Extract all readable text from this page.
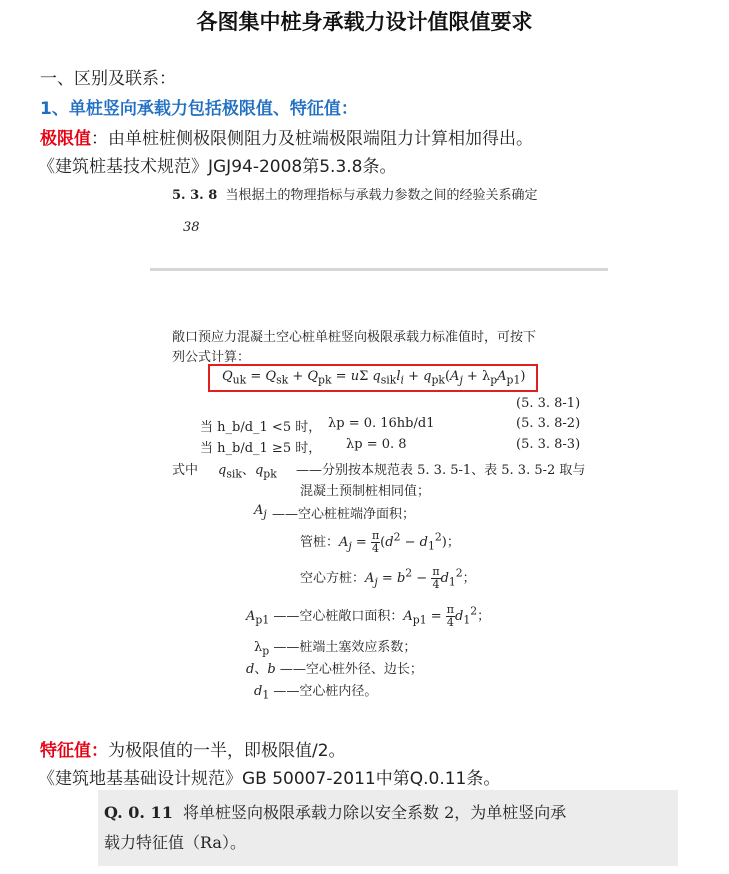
各图集中桩身承载力设计值限值要求
一、区别及联系：
1、单桩竖向承载力包括极限值、特征值：
极限值：由单桩桩侧极限侧阻力及桩端极限端阻力计算相加得出。
《建筑桩基技术规范》JGJ94-2008第5.3.8条。
5. 3. 8 当根据土的物理指标与承载力参数之间的经验关系确定
38
敞口预应力混凝土空心桩单桩竖向极限承载力标准值时，可按下
列公式计算：
$Q_{uk} = Q_{sk} + Q_{pk} = u\Sigma$ $q_{sik}l_i + q_{pk}(A_j + \lambda_pA_{p1})$
(5. 3. 8-1)
当 h_b/d_1 <5 时， λp = 0. 16hb/d1	(5. 3. 8-2)
当 h_b/d_1 ≥5 时， λp = 0. 8	(5. 3. 8-3)
式中 $q_{sik}$、$q_{pk}$ ——分别按本规范表 5. 3. 5-1、表 5. 3. 5-2 取与
混凝土预制桩相同值；
$A_j$ ——空心桩桩端净面积；
管桩：$A_j = \frac{\pi}{4} (d^2 - d_1^2)$；
空心方桩：$A_j = b^2 - \frac{\pi}{4} d_1^2$；
$A_{p1}$ ——空心桩敞口面积：$A_{p1} = \frac{\pi}{4} d_1^2$；
$\lambda_p$ ——桩端土塞效应系数；
d、b ——空心桩外径、边长；
$d_1$ ——空心桩内径。
特征值：为极限值的一半，即极限值/2。
《建筑地基基础设计规范》GB 50007-2011中第Q.0.11条。
Q. 0. 11 将单桩竖向极限承载力除以安全系数 2，为单桩竖向承
载力特征值（Ra）。
